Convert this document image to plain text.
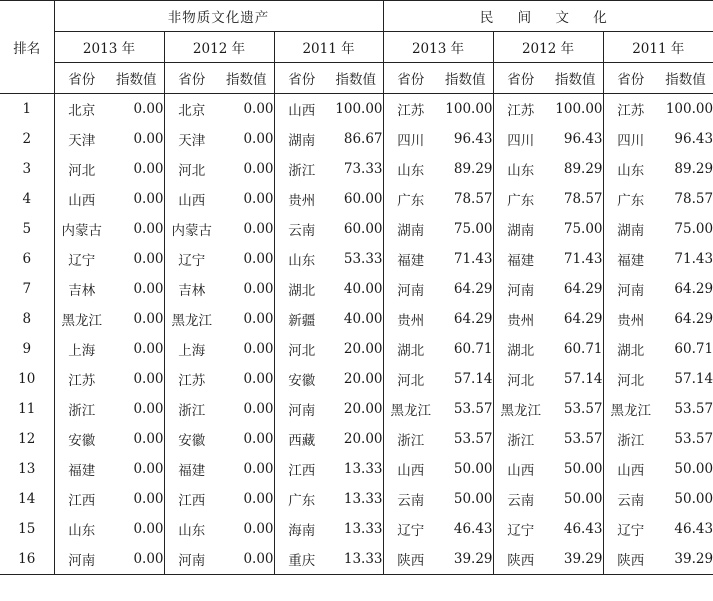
排名	非物质文化遗产						民 间 文 化					
	2013 年		2012 年		2011 年		2013 年		2012 年		2011 年	
	省份	指数值	省份	指数值	省份	指数值	省份	指数值	省份	指数值	省份	指数值
1	北京	0.00	北京	0.00	山西	100.00	江苏	100.00	江苏	100.00	江苏	100.00
2	天津	0.00	天津	0.00	湖南	86.67	四川	96.43	四川	96.43	四川	96.43
3	河北	0.00	河北	0.00	浙江	73.33	山东	89.29	山东	89.29	山东	89.29
4	山西	0.00	山西	0.00	贵州	60.00	广东	78.57	广东	78.57	广东	78.57
5	内蒙古	0.00	内蒙古	0.00	云南	60.00	湖南	75.00	湖南	75.00	湖南	75.00
6	辽宁	0.00	辽宁	0.00	山东	53.33	福建	71.43	福建	71.43	福建	71.43
7	吉林	0.00	吉林	0.00	湖北	40.00	河南	64.29	河南	64.29	河南	64.29
8	黑龙江	0.00	黑龙江	0.00	新疆	40.00	贵州	64.29	贵州	64.29	贵州	64.29
9	上海	0.00	上海	0.00	河北	20.00	湖北	60.71	湖北	60.71	湖北	60.71
10	江苏	0.00	江苏	0.00	安徽	20.00	河北	57.14	河北	57.14	河北	57.14
11	浙江	0.00	浙江	0.00	河南	20.00	黑龙江	53.57	黑龙江	53.57	黑龙江	53.57
12	安徽	0.00	安徽	0.00	西藏	20.00	浙江	53.57	浙江	53.57	浙江	53.57
13	福建	0.00	福建	0.00	江西	13.33	山西	50.00	山西	50.00	山西	50.00
14	江西	0.00	江西	0.00	广东	13.33	云南	50.00	云南	50.00	云南	50.00
15	山东	0.00	山东	0.00	海南	13.33	辽宁	46.43	辽宁	46.43	辽宁	46.43
16	河南	0.00	河南	0.00	重庆	13.33	陕西	39.29	陕西	39.29	陕西	39.29
